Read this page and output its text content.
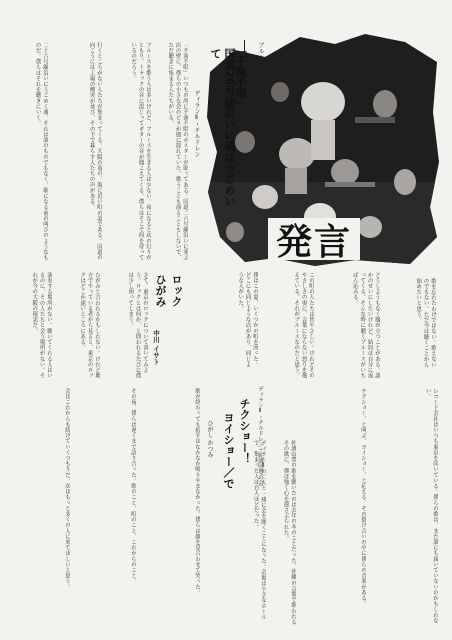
発言
ブルース
「不演不唱」
国道26号線沿いに魂はうごめいて
ディランⅡ・チルドレン
ロック
ひがみ
中川 イサト
ディランⅡ・チルドレン＋佐渡山豊の会
チクショー！
ヨイショー／で
ひがし かつみ
「不演不唱」いつもの所に不演不唱のポスターが貼ってある。国道二六号線沿いに並ぶ店の壁に、僕らの小さな会のビラが風に揺れていた。歌うことも演ることもしないで、ただ聴きに集まる人たちがいる。
ブルースを歌う人は多いけれど、ブルースを生きる人は少ない。夜になると店の灯りがともり、トラックの音に混じってギターの音が聞こえてくる。僕らはそこで何を待っているのだろう。
行くところがない人たちが集まってくる。大阪の南の、海に近い町の話である。国道の向こうには工場の煙突が並び、その下で暮らす人たちの声がある。
二十六号線沿いにうごめく魂。それは誰のものでもなく、歌になる前の叫びのようなものだ。僕らはそれを聴きにいく。
歌を忘れたわけではない。歌えないのでもない。ただ今は聴くことから始めたいと思う。
どうしようもなく腹が立つことがある。誰かのせいにしたいけれど、結局は自分に返ってくる。そんな時に聴くブルースがいちばん沁みる。
この町の人たちは皆やさしい。けれどそのやさしさの奥に、言葉にならない怒りを抱えている。それがブルースなのだと思う。
僕はこの夏、いくつかの町を回った。どこにも同じような店があり、同じような人がいた。
さて、東京のロックについて書いてみよう。ロックとは何か、と問われるたびに僕は少し困ってしまう。
ひがみと言われるかもしれない。けれど地方でやっている者から見ると、東京のロックはどこか遠いところにある。
演奏する場所がない。聴いてくれる人はいるのに、その人たちと会う場所がない。それが今の大阪の現実だ。
レコード会社はいつも東京を向いている。僕らの歌は、まだ誰にも届いていないのかもしれない。
チクショー、と叫ぶ。ヨイショー、と応える。その掛け合いの中に僕らの音楽がある。
佐渡山豊の歌を聴いたのは去年の冬のことだった。沖縄の言葉で歌われるその歌に、僕は強く心を揺さぶられた。
ディランⅡの二人と一緒に会を開くことになった。会場は小さなホールで、集まった人は百人ほどだった。
歌が終わっても拍手はなかなか鳴りやまなかった。僕らは顔を見合わせて笑った。
その夜、僕らは遅くまで語り合った。歌のこと、町のこと、これからのこと。
会はこれからも続けていくつもりだ。次はもっと多くの人に来てほしいと思う。
